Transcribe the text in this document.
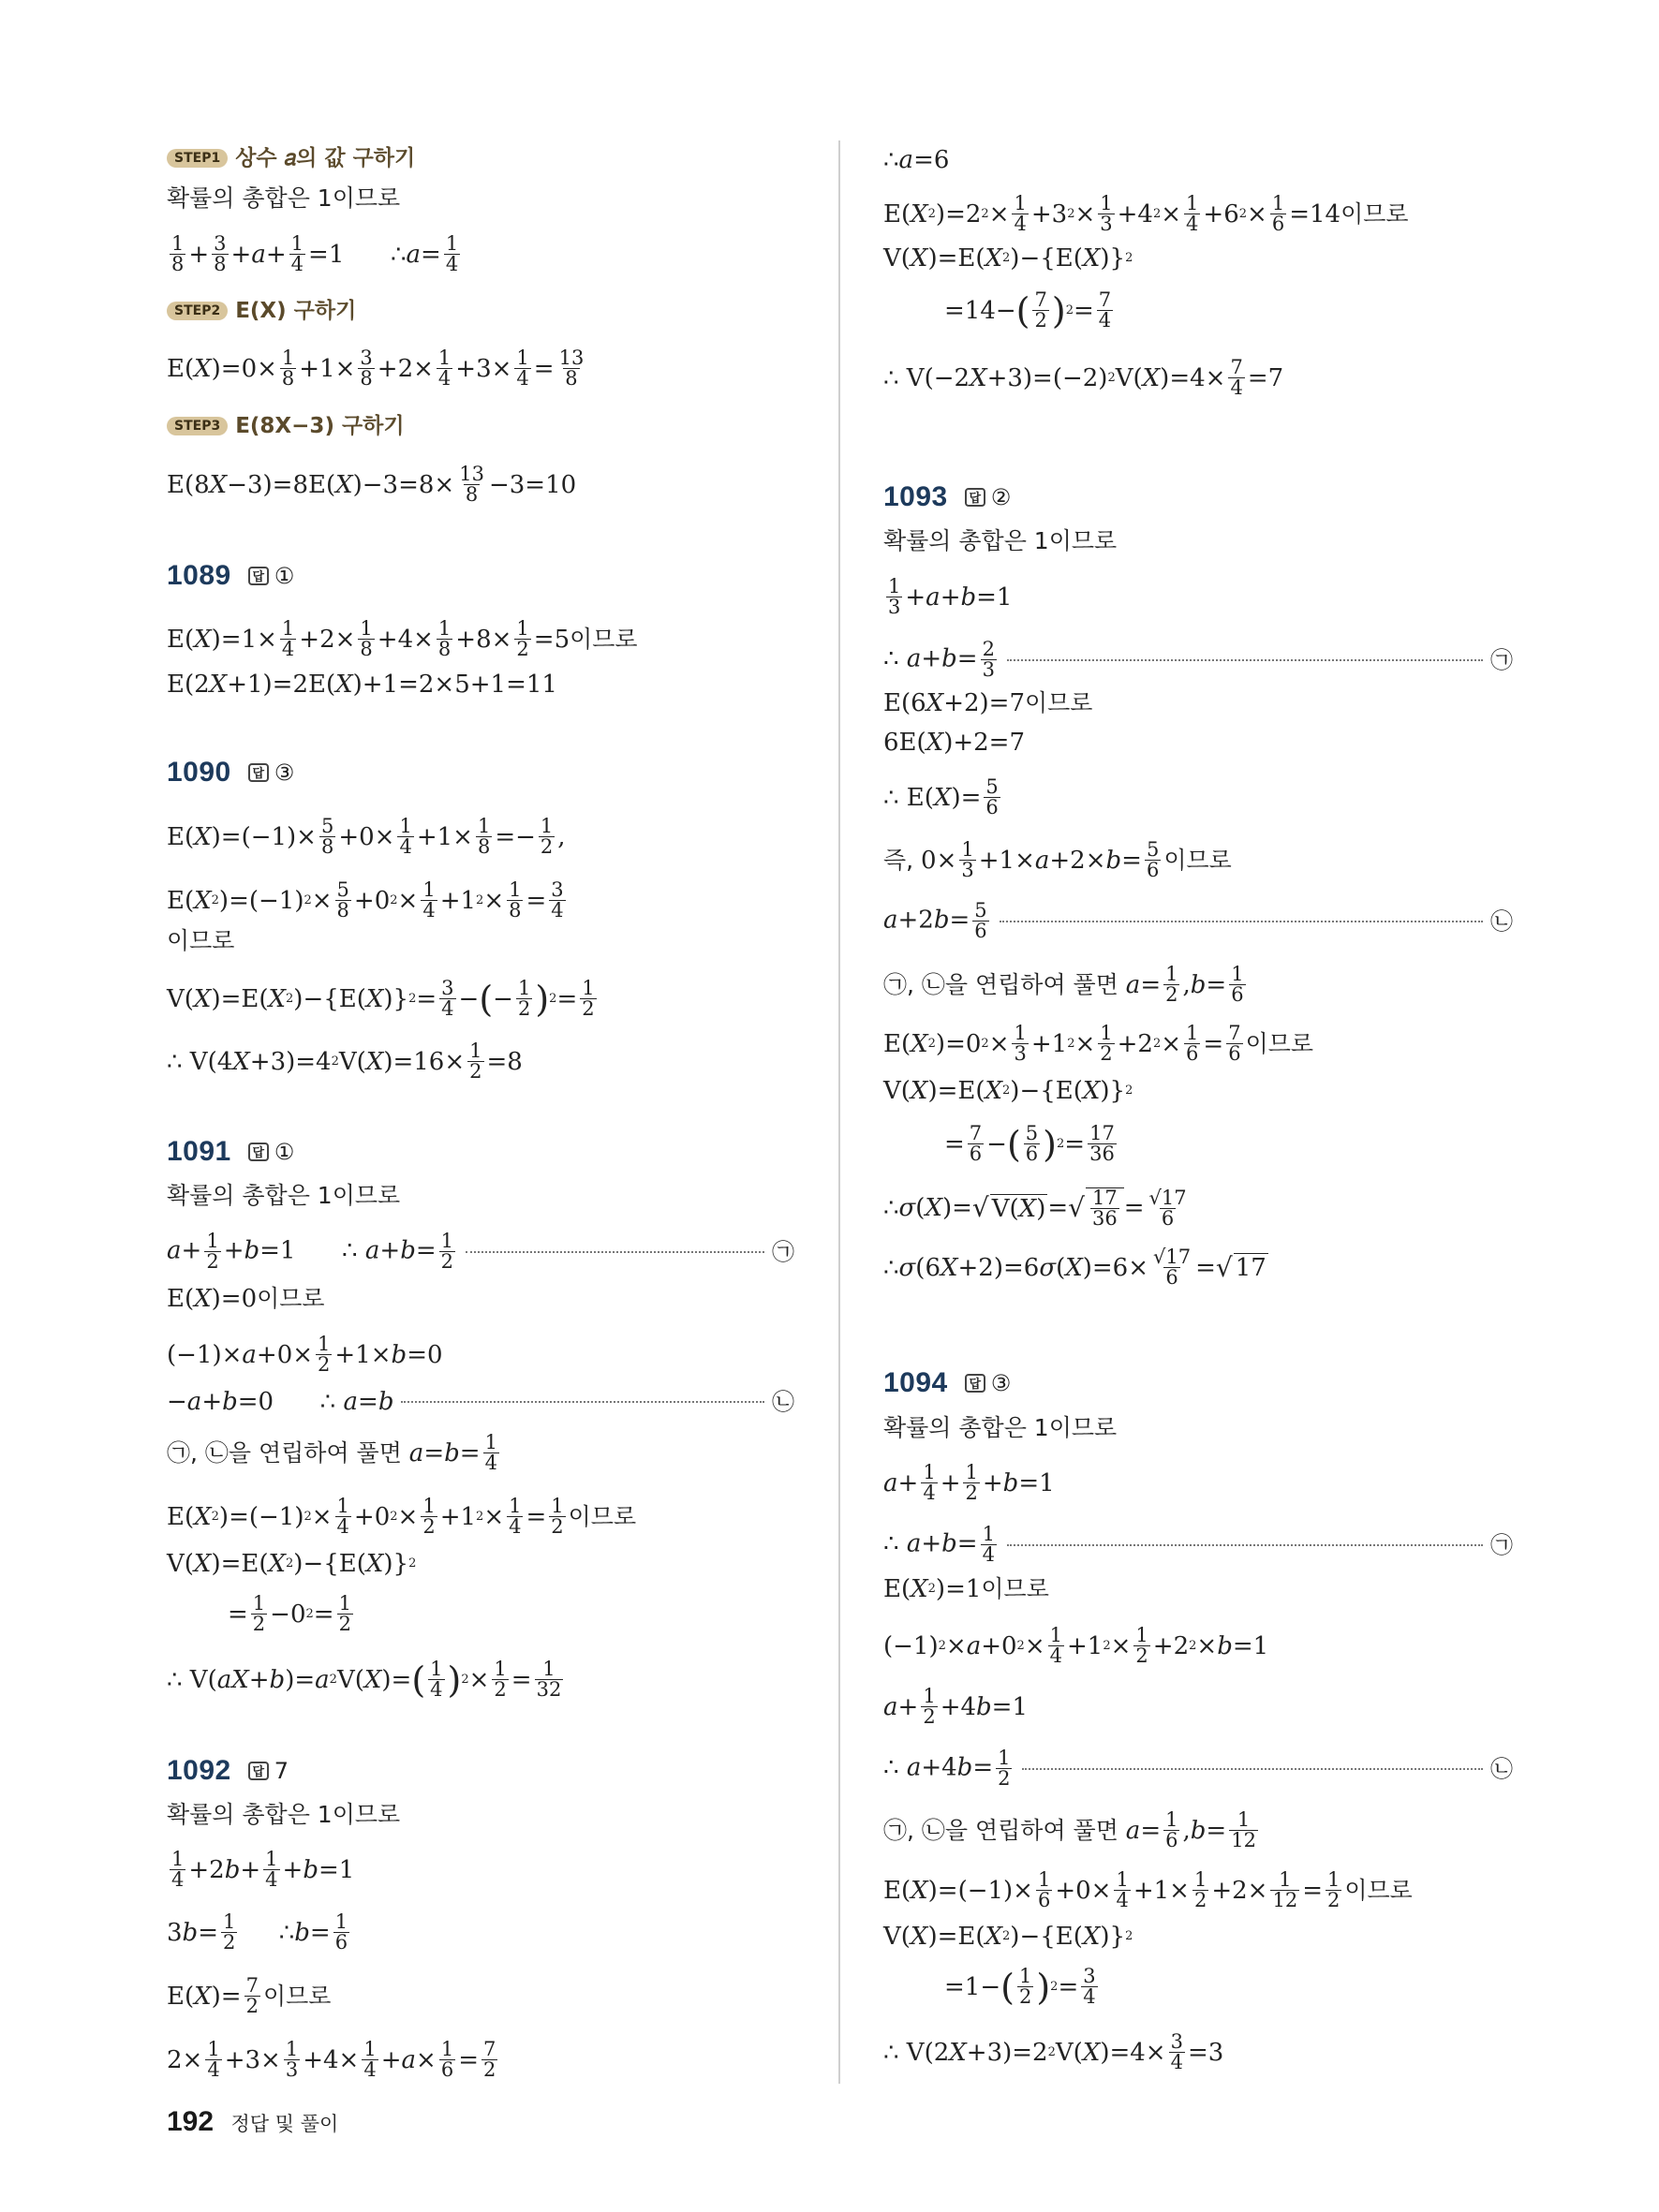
STEP1 상수 𝑎의 값 구하기
확률의 총합은 1이므로
$\frac{1}{8} + \frac{3}{8} + a + \frac{1}{4} =1$      ∴ $a = \frac{1}{4}$
STEP2 E(X) 구하기
E( X )$=0\times \frac{1}{8} +1\times \frac{3}{8} +2\times \frac{1}{4} +3\times \frac{1}{4} = \frac{13}{8}$
STEP3 E(8X−3) 구하기
E(8 X −3)=8E( X )$-3=8\times \frac{13}{8} -3=10$
1089	답 ①
E( X )$=1\times \frac{1}{4} +2\times \frac{1}{8} +4\times \frac{1}{8} +8\times \frac{1}{2} =5$ 이므로
E(2 X +1)=2E( X )+1=2×5+1=11
1090	답 ③
E( X )$=(-1)\times \frac{5}{8} +0\times \frac{1}{4} +1\times \frac{1}{8} =- \frac{1}{2}$ ,
E( X 2 )=(−1) $2 \times \frac{5}{8} +0$ $2 \times \frac{1}{4} +1$ $2 \times \frac{1}{8} = \frac{3}{4}$
이므로
V( X )=E( X 2 )−{E( X )} $2 = \frac{3}{4}$ − ( − $\frac{1}{2}$ ) $2 = \frac{1}{2}$
∴ V(4 X +3)=4 2 V( X )$=16\times \frac{1}{2} =8$
1091	답 ①
확률의 총합은 1이므로
$a+ \frac{1}{2} +b=1$      ∴ $a+b= \frac{1}{2}$	㉠
E( X )=0 이므로
$(-1)\times a +0\times \frac{1}{2} +1\times b =0$
−a+b=0      ∴ a=b	㉡
㉠, ㉡을 연립하여 풀면 $a = b = \frac{1}{4}$
E( X 2 )=(−1) $2 \times \frac{1}{4} +0$ $2 \times \frac{1}{2} +1$ $2 \times \frac{1}{4} = \frac{1}{2}$ 이므로
V( X )=E( X 2 )−{E( X )} 2
= $\frac{1}{2} -0$ $2 = \frac{1}{2}$
∴ V( aX + b )= a 2 V( X )= ( $\frac{1}{4}$ ) $2 \times \frac{1}{2} = \frac{1}{32}$
1092	답 7
확률의 총합은 1이므로
$\frac{1}{4} +2$ $b + \frac{1}{4} + b =1$
3 $b = \frac{1}{2}$ ∴ $b = \frac{1}{6}$
E( X )= $\frac{7}{2}$ 이므로
$2\times \frac{1}{4} +3\times \frac{1}{3} +4\times \frac{1}{4} + a \times \frac{1}{6} = \frac{7}{2}$
∴ a =6
E( X 2 )=2 $2 \times \frac{1}{4} +3$ $2 \times \frac{1}{3} +4$ $2 \times \frac{1}{4} +6$ $2 \times \frac{1}{6} =14$ 이므로
V( X )=E( X 2 )−{E( X )} 2
=14− ( $\frac{7}{2}$ ) $2 = \frac{7}{4}$
∴ V(−2 X +3)=(−2) 2 V( X )$=4\times \frac{7}{4} =7$
1093	답 ②
확률의 총합은 1이므로
$\frac{1}{3} + a + b =1$
∴ $a+b= \frac{2}{3}$	㉠
E(6 X +2)=7 이므로
6E( X )+2=7
∴ E( X )= $\frac{5}{6}$
즉, $0\times \frac{1}{3} +1\times a +2\times b = \frac{5}{6}$ 이므로
$a+2b= \frac{5}{6}$	㉡
㉠, ㉡을 연립하여 풀면 $a = \frac{1}{2}$ , $b = \frac{1}{6}$
E( X 2 )=0 $2 \times \frac{1}{3} +1$ $2 \times \frac{1}{2} +2$ $2 \times \frac{1}{6} = \frac{7}{6}$ 이므로
V( X )=E( X 2 )−{E( X )} 2
= $\frac{7}{6}$ − ( $\frac{5}{6}$ ) $2 = \frac{17}{36}$
∴ σ ( X )= √ V(X) = √ $\frac{17}{36} = \frac{√17}{6}$
∴ σ (6 X +2)=6 σ ( X )$=6\times \frac{√17}{6}$ = √ 17
1094	답 ③
확률의 총합은 1이므로
$a + \frac{1}{4} + \frac{1}{2} + b =1$
∴ $a+b= \frac{1}{4}$	㉠
E( X 2 )=1 이므로
(−1) 2 × a +0 $2 \times \frac{1}{4} +1$ $2 \times \frac{1}{2} +2$ 2 × b =1
$a + \frac{1}{2} +4$ b =1
∴ $a+4b= \frac{1}{2}$	㉡
㉠, ㉡을 연립하여 풀면 $a = \frac{1}{6}$ , $b = \frac{1}{12}$
E( X )$=(-1)\times \frac{1}{6} +0\times \frac{1}{4} +1\times \frac{1}{2} +2\times \frac{1}{12} = \frac{1}{2}$ 이므로
V( X )=E( X 2 )−{E( X )} 2
=1− ( $\frac{1}{2}$ ) $2 = \frac{3}{4}$
∴ V(2 X +3)=2 2 V( X )$=4\times \frac{3}{4} =3$
192 정답 및 풀이
